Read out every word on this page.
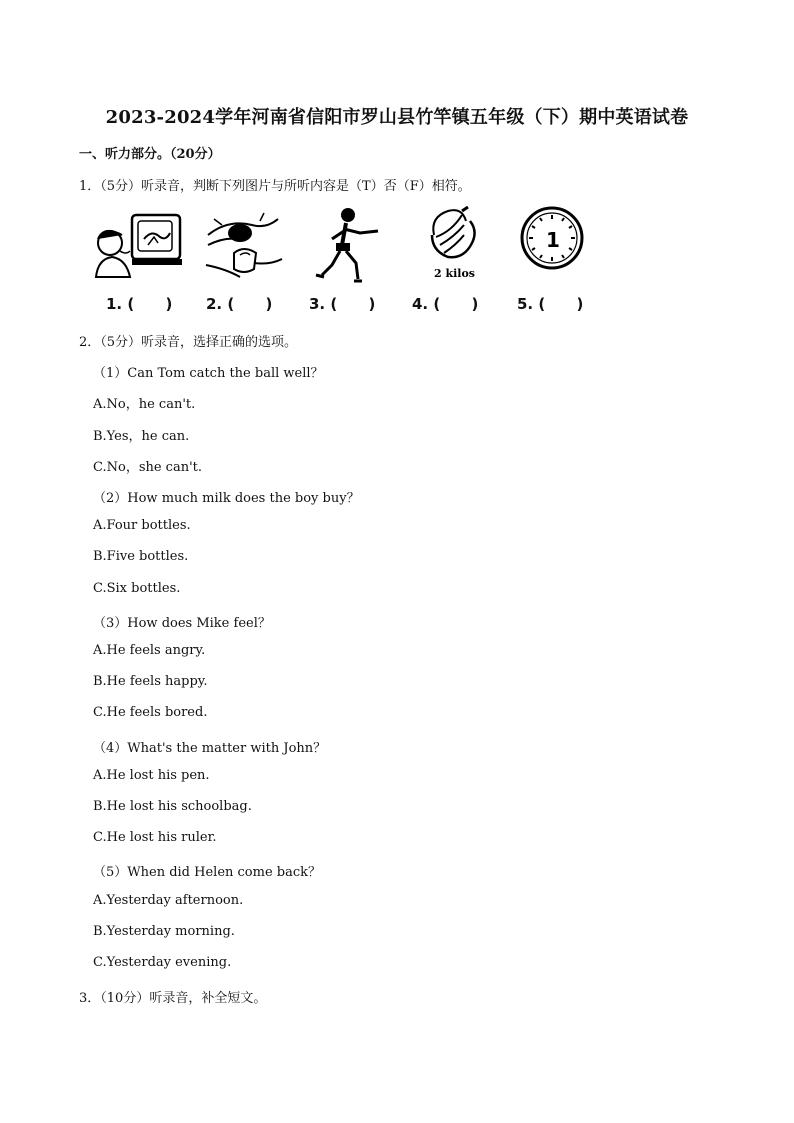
2023-2024学年河南省信阳市罗山县竹竿镇五年级（下）期中英语试卷
一、听力部分。（20分）
1．（5分）听录音，判断下列图片与所听内容是（T）否（F）相符。
2 kilos
1
1. (      ) 2. (      ) 3. (      ) 4. (      )	5. (      )
2．（5分）听录音，选择正确的选项。
（1）Can Tom catch the ball well？
A.No，he can't.
B.Yes，he can.
C.No，she can't.
（2）How much milk does the boy buy？
A.Four bottles.
B.Five bottles.
C.Six bottles.
（3）How does Mike feel？
A.He feels angry.
B.He feels happy.
C.He feels bored.
（4）What's the matter with John？
A.He lost his pen.
B.He lost his schoolbag.
C.He lost his ruler.
（5）When did Helen come back？
A.Yesterday afternoon.
B.Yesterday morning.
C.Yesterday evening.
3．（10分）听录音，补全短文。
